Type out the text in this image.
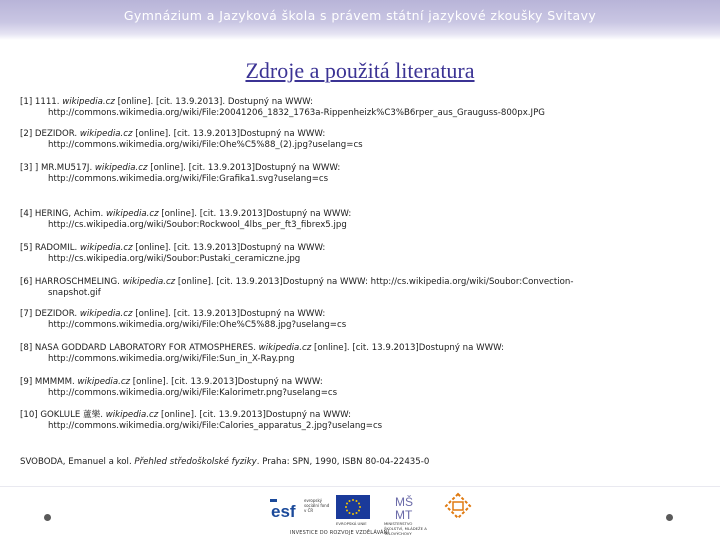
Gymnázium a Jazyková škola s právem státní jazykové zkoušky Svitavy
Zdroje a použitá literatura
[1] 1111. wikipedia.cz [online]. [cit. 13.9.2013]. Dostupný na WWW:
http://commons.wikimedia.org/wiki/File:20041206_1832_1763a-Rippenheizk%C3%B6rper_aus_Grauguss-800px.JPG
[2] DEZIDOR. wikipedia.cz [online]. [cit. 13.9.2013]Dostupný na WWW:
http://commons.wikimedia.org/wiki/File:Ohe%C5%88_(2).jpg?uselang=cs
[3] ] MR.MU517J. wikipedia.cz [online]. [cit. 13.9.2013]Dostupný na WWW:
http://commons.wikimedia.org/wiki/File:Grafika1.svg?uselang=cs
[4] HERING, Achim. wikipedia.cz [online]. [cit. 13.9.2013]Dostupný na WWW:
http://cs.wikipedia.org/wiki/Soubor:Rockwool_4lbs_per_ft3_fibrex5.jpg
[5] RADOMIL. wikipedia.cz [online]. [cit. 13.9.2013]Dostupný na WWW:
http://cs.wikipedia.org/wiki/Soubor:Pustaki_ceramiczne.jpg
[6] HARROSCHMELING. wikipedia.cz [online]. [cit. 13.9.2013]Dostupný na WWW: http://cs.wikipedia.org/wiki/Soubor:Convection-
snapshot.gif
[7] DEZIDOR. wikipedia.cz [online]. [cit. 13.9.2013]Dostupný na WWW:
http://commons.wikimedia.org/wiki/File:Ohe%C5%88.jpg?uselang=cs
[8] NASA GODDARD LABORATORY FOR ATMOSPHERES. wikipedia.cz [online]. [cit. 13.9.2013]Dostupný na WWW:
http://commons.wikimedia.org/wiki/File:Sun_in_X-Ray.png
[9] MMMMM. wikipedia.cz [online]. [cit. 13.9.2013]Dostupný na WWW:
http://commons.wikimedia.org/wiki/File:Kalorimetr.png?uselang=cs
[10] GOKLULE 蘆樂. wikipedia.cz [online]. [cit. 13.9.2013]Dostupný na WWW:
http://commons.wikimedia.org/wiki/File:Calories_apparatus_2.jpg?uselang=cs
SVOBODA, Emanuel a kol. Přehled středoškolské fyziky. Praha: SPN, 1990, ISBN 80-04-22435-0
esf
evropský sociální fond v ČR
EVROPSKÁ UNIE
M Š
M T
MINISTERSTVO ŠKOLSTVÍ, MLÁDEŽE A TĚLOVÝCHOVY
INVESTICE DO ROZVOJE VZDĚLÁVÁNÍ
